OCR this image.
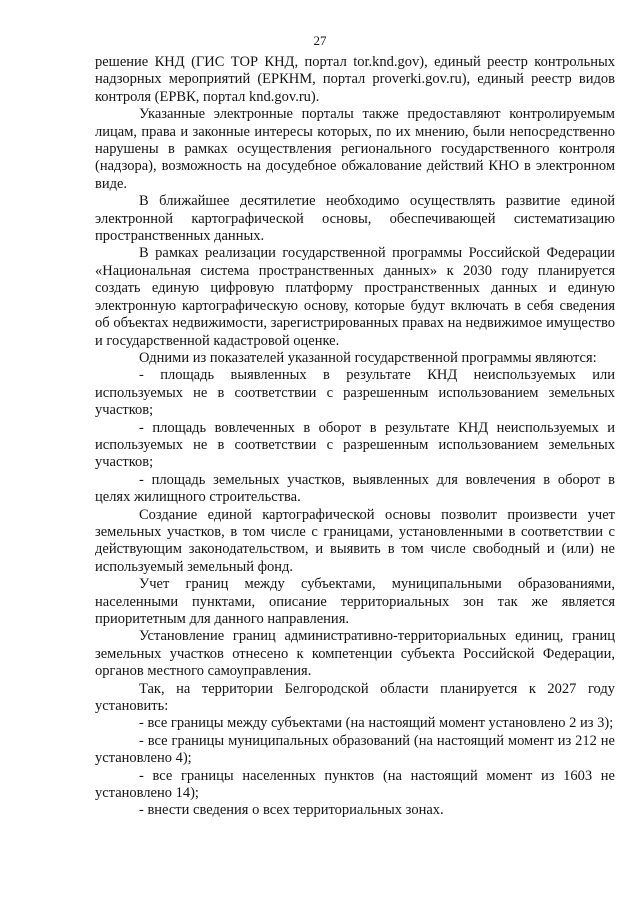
27

решение КНД (ГИС ТОР КНД, портал tor.knd.gov), единый реестр контрольных надзорных мероприятий (ЕРКНМ, портал proverki.gov.ru), единый реестр видов контроля (ЕРВК, портал knd.gov.ru).

Указанные электронные порталы также предоставляют контролируемым лицам, права и законные интересы которых, по их мнению, были непосредственно нарушены в рамках осуществления регионального государственного контроля (надзора), возможность на досудебное обжалование действий КНО в электронном виде.

В ближайшее десятилетие необходимо осуществлять развитие единой электронной картографической основы, обеспечивающей систематизацию пространственных данных.

В рамках реализации государственной программы Российской Федерации «Национальная система пространственных данных» к 2030 году планируется создать единую цифровую платформу пространственных данных и единую электронную картографическую основу, которые будут включать в себя сведения об объектах недвижимости, зарегистрированных правах на недвижимое имущество и государственной кадастровой оценке.

Одними из показателей указанной государственной программы являются:

- площадь выявленных в результате КНД неиспользуемых или используемых не в соответствии с разрешенным использованием земельных участков;

- площадь вовлеченных в оборот в результате КНД неиспользуемых и используемых не в соответствии с разрешенным использованием земельных участков;

- площадь земельных участков, выявленных для вовлечения в оборот в целях жилищного строительства.

Создание единой картографической основы позволит произвести учет земельных участков, в том числе с границами, установленными в соответствии с действующим законодательством, и выявить в том числе свободный и (или) не используемый земельный фонд.

Учет границ между субъектами, муниципальными образованиями, населенными пунктами, описание территориальных зон так же является приоритетным для данного направления.

Установление границ административно-территориальных единиц, границ земельных участков отнесено к компетенции субъекта Российской Федерации, органов местного самоуправления.

Так, на территории Белгородской области планируется к 2027 году установить:

- все границы между субъектами (на настоящий момент установлено 2 из 3);

- все границы муниципальных образований (на настоящий момент из 212 не установлено 4);

- все границы населенных пунктов (на настоящий момент из 1603 не установлено 14);

- внести сведения о всех территориальных зонах.
